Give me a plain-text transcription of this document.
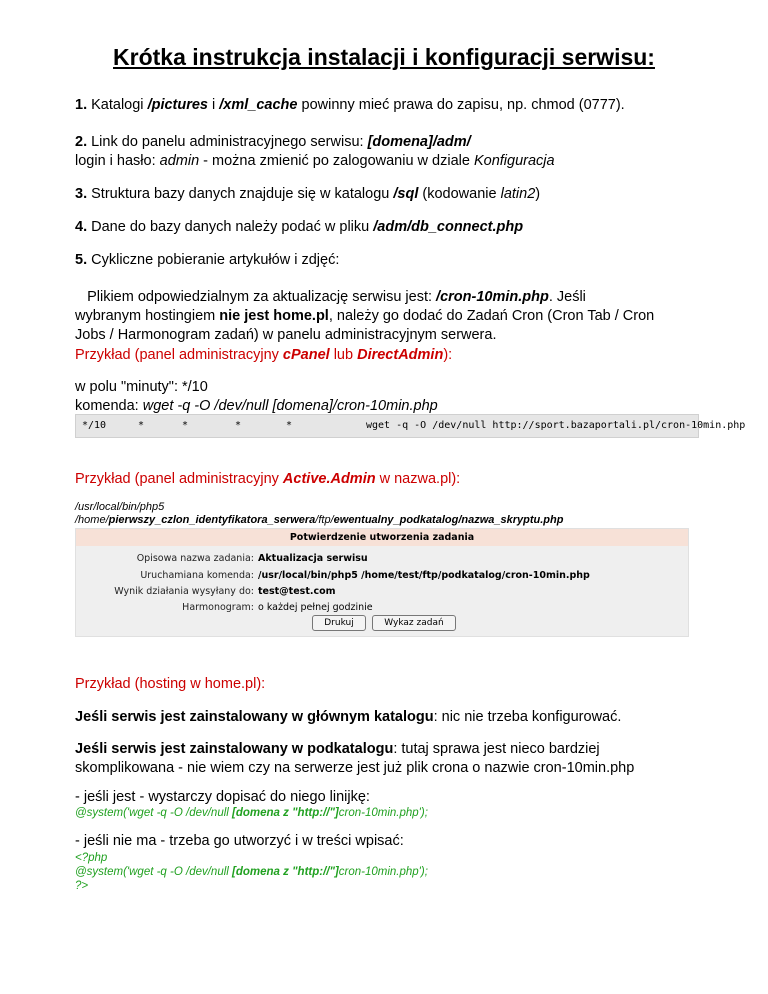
Krótka instrukcja instalacji i konfiguracji serwisu:
1. Katalogi /pictures i /xml_cache powinny mieć prawa do zapisu, np. chmod (0777).
2. Link do panelu administracyjnego serwisu: [domena]/adm/
login i hasło: admin - można zmienić po zalogowaniu w dziale Konfiguracja
3. Struktura bazy danych znajduje się w katalogu /sql (kodowanie latin2)
4. Dane do bazy danych należy podać w pliku /adm/db_connect.php
5. Cykliczne pobieranie artykułów i zdjęć:
Plikiem odpowiedzialnym za aktualizację serwisu jest: /cron-10min.php. Jeśli
wybranym hostingiem nie jest home.pl, należy go dodać do Zadań Cron (Cron Tab / Cron
Jobs / Harmonogram zadań) w panelu administracyjnym serwera.
Przykład (panel administracyjny cPanel lub DirectAdmin):
w polu "minuty": */10
komenda: wget -q -O /dev/null [domena]/cron-10min.php
*/10	*	*	*	*	wget -q -O /dev/null http://sport.bazaportali.pl/cron-10min.php
Przykład (panel administracyjny Active.Admin w nazwa.pl):
/usr/local/bin/php5
/home/pierwszy_czlon_identyfikatora_serwera/ftp/ewentualny_podkatalog/nazwa_skryptu.php
Potwierdzenie utworzenia zadania
Opisowa nazwa zadania: Aktualizacja serwisu
Uruchamiana komenda: /usr/local/bin/php5 /home/test/ftp/podkatalog/cron-10min.php
Wynik działania wysyłany do: test@test.com
Harmonogram: o każdej pełnej godzinie
Drukuj	Wykaz zadań
Przykład (hosting w home.pl):
Jeśli serwis jest zainstalowany w głównym katalogu: nic nie trzeba konfigurować.
Jeśli serwis jest zainstalowany w podkatalogu: tutaj sprawa jest nieco bardziej
skomplikowana - nie wiem czy na serwerze jest już plik crona o nazwie cron-10min.php
- jeśli jest - wystarczy dopisać do niego linijkę:
@system('wget -q -O /dev/null [domena z "http://"]cron-10min.php');
- jeśli nie ma - trzeba go utworzyć i w treści wpisać:
<?php
@system('wget -q -O /dev/null [domena z "http://"]cron-10min.php');
?>
